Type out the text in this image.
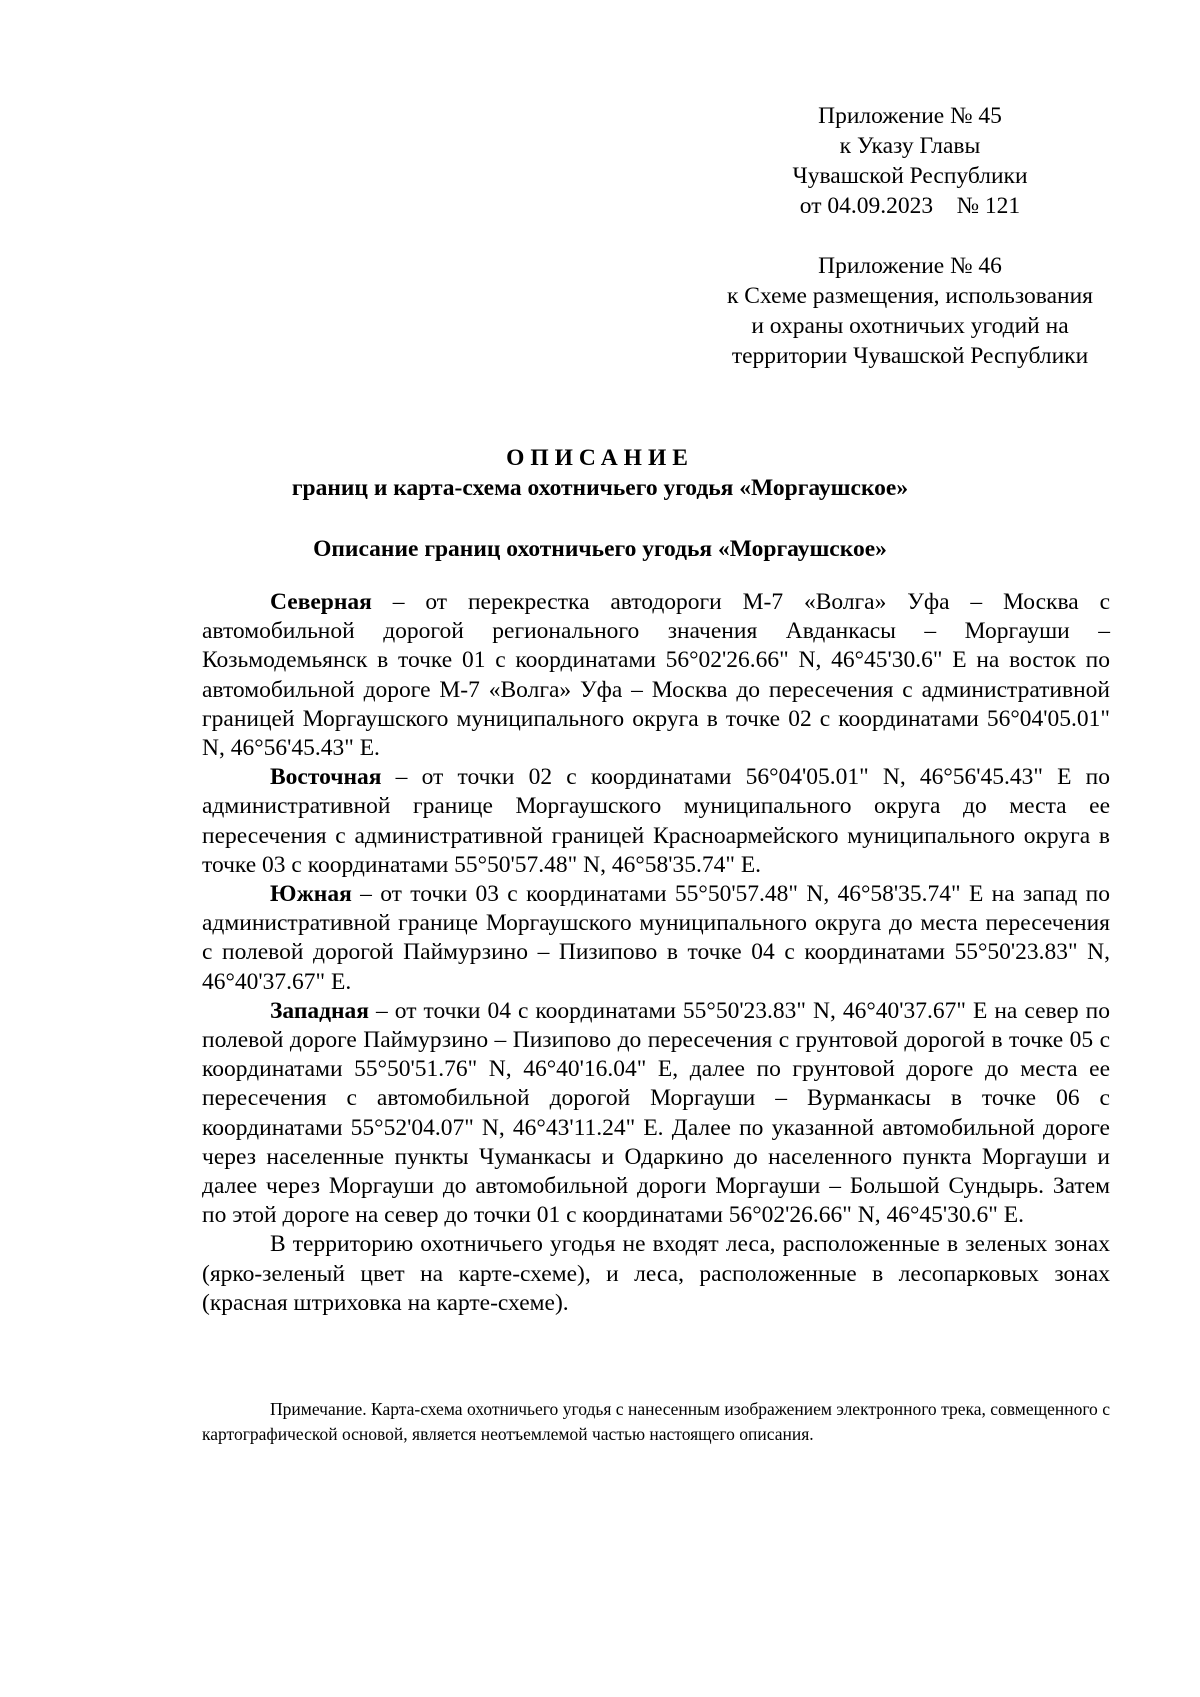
Приложение № 45
к Указу Главы
Чувашской Республики
от 04.09.2023    № 121
Приложение № 46
к Схеме размещения, использования
и охраны охотничьих угодий на
территории Чувашской Республики
ОПИСАНИЕ
границ и карта-схема охотничьего угодья «Моргаушское»
Описание границ охотничьего угодья «Моргаушское»

Северная – от перекрестка автодороги М-7 «Волга» Уфа – Москва с автомобильной дорогой регионального значения Авданкасы – Моргауши – Козьмодемьянск в точке 01 с координатами 56°02'26.66" N, 46°45'30.6" E на восток по автомобильной дороге М-7 «Волга» Уфа – Москва до пересечения с административной границей Моргаушского муниципального округа в точке 02 с координатами 56°04'05.01" N, 46°56'45.43" E.

Восточная – от точки 02 с координатами 56°04'05.01" N, 46°56'45.43" E по административной границе Моргаушского муниципального округа до места ее пересечения с административной границей Красноармейского муниципального округа в точке 03 с координатами 55°50'57.48" N, 46°58'35.74" E.

Южная – от точки 03 с координатами 55°50'57.48" N, 46°58'35.74" E на запад по административной границе Моргаушского муниципального округа до места пересечения с полевой дорогой Паймурзино – Пизипово в точке 04 с координатами 55°50'23.83" N, 46°40'37.67" E.

Западная – от точки 04 с координатами 55°50'23.83" N, 46°40'37.67" E на север по полевой дороге Паймурзино – Пизипово до пересечения с грунтовой дорогой в точке 05 с координатами 55°50'51.76" N, 46°40'16.04" E, далее по грунтовой дороге до места ее пересечения с автомобильной дорогой Моргауши – Вурманкасы в точке 06 с координатами 55°52'04.07" N, 46°43'11.24" E. Далее по указанной автомобильной дороге через населенные пункты Чуманкасы и Одаркино до населенного пункта Моргауши и далее через Моргауши до автомобильной дороги Моргауши – Большой Сундырь. Затем по этой дороге на север до точки 01 с координатами 56°02'26.66" N, 46°45'30.6" E.

В территорию охотничьего угодья не входят леса, расположенные в зеленых зонах (ярко-зеленый цвет на карте-схеме), и леса, расположенные в лесопарковых зонах (красная штриховка на карте-схеме).

Примечание. Карта-схема охотничьего угодья с нанесенным изображением электронного трека, совмещенного с картографической основой, является неотъемлемой частью настоящего описания.
